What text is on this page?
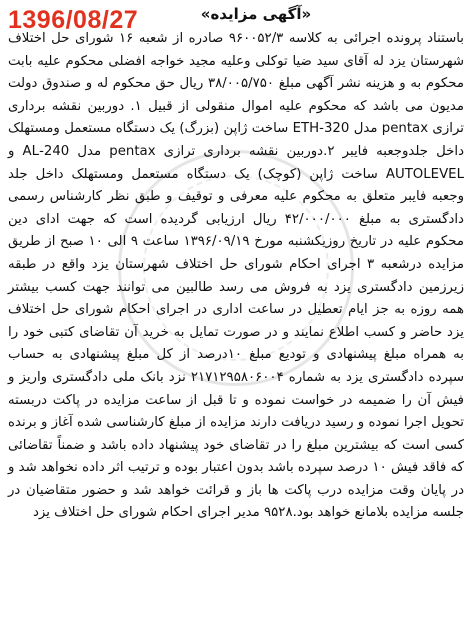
1396/08/27	«آگهی مزایده»

باستناد پرونده اجرائی به کلاسه ۹۶۰۰۵۲/۳ صادره از شعبه ۱۶ شورای حل اختلاف شهرستان یزد له آقای سید ضیا توکلی وعلیه مجید خواجه افضلی محکوم علیه بابت محکوم به و هزینه نشر آگهی مبلغ ۳۸/۰۰۵/۷۵۰ ریال حق محکوم له و صندوق دولت مدیون می باشد که محکوم علیه اموال منقولی از قبیل ۱. دوربین نقشه برداری ترازی pentax مدل 320-ETH ساخت ژاپن (بزرگ) یک دستگاه مستعمل ومستهلک داخل جلدوجعبه فایبر ۲.دوربین نقشه برداری ترازی pentax مدل 240-AL و AUTOLEVEL ساخت ژاپن (کوچک) یک دستگاه مستعمل ومستهلک داخل جلد وجعبه فایبر متعلق به محکوم علیه معرفی و توقیف و طبق نظر کارشناس رسمی دادگستری به مبلغ ۴۲/۰۰۰/۰۰۰ ریال ارزیابی گردیده است که جهت ادای دین محکوم علیه در تاریخ روزیکشنبه مورخ ۱۳۹۶/۰۹/۱۹ ساعت ۹ الی ۱۰ صبح از طریق مزایده درشعبه ۳ اجرای احکام شورای حل اختلاف شهرستان یزد واقع در طبقه زیرزمین دادگستری یزد به فروش می رسد طالبین می توانند جهت کسب بیشتر همه روزه به جز ایام تعطیل در ساعت اداری در اجرای احکام شورای حل اختلاف یزد حاضر و کسب اطلاع نمایند و در صورت تمایل به خرید آن تقاضای کتبی خود را به همراه مبلغ پیشنهادی و تودیع مبلغ ۱۰درصد از کل مبلغ پیشنهادی به حساب سپرده دادگستری یزد به شماره ۲۱۷۱۲۹۵۸۰۶۰۰۴ نزد بانک ملی دادگستری واریز و فیش آن را ضمیمه در خواست نموده و تا قبل از ساعت مزایده در پاکت دربسته تحویل اجرا نموده و رسید دریافت دارند مزایده از مبلغ کارشناسی شده آغاز و برنده کسی است که بیشترین مبلغ را در تقاضای خود پیشنهاد داده باشد و ضمناً تقاضائی که فاقد فیش ۱۰ درصد سپرده باشد بدون اعتبار بوده و ترتیب اثر داده نخواهد شد و در پایان وقت مزایده درب پاکت ها باز و قرائت خواهد شد و حضور متقاضیان در جلسه مزایده بلامانع خواهد بود.۹۵۲۸ مدیر اجرای احکام شورای حل اختلاف یزد
